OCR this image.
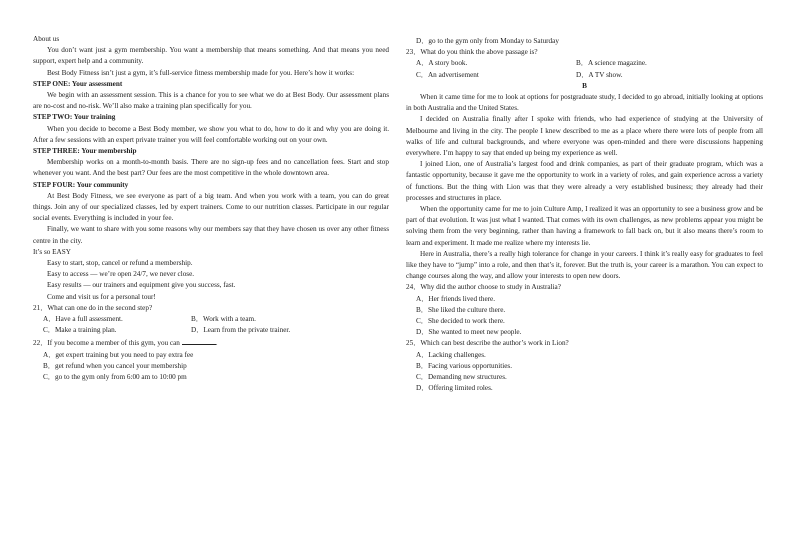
About us

You don’t want just a gym membership. You want a membership that means something. And that means you need support, expert help and a community.

Best Body Fitness isn’t just a gym, it’s full-service fitness membership made for you. Here’s how it works:

STEP ONE: Your assessment

We begin with an assessment session. This is a chance for you to see what we do at Best Body. Our assessment plans are no-cost and no-risk. We’ll also make a training plan specifically for you.

STEP TWO: Your training

When you decide to become a Best Body member, we show you what to do, how to do it and why you are doing it. After a few sessions with an expert private trainer you will feel comfortable working out on your own.

STEP THREE: Your membership

Membership works on a month-to-month basis. There are no sign-up fees and no cancellation fees. Start and stop whenever you want. And the best part? Our fees are the most competitive in the whole downtown area.

STEP FOUR: Your community

At Best Body Fitness, we see everyone as part of a big team. And when you work with a team, you can do great things. Join any of our specialized classes, led by expert trainers. Come to our nutrition classes. Participate in our regular social events. Everything is included in your fee.

Finally, we want to share with you some reasons why our members say that they have chosen us over any other fitness centre in the city.

It’s so EASY

Easy to start, stop, cancel or refund a membership.

Easy to access — we’re open 24/7, we never close.

Easy results — our trainers and equipment give you success, fast.

Come and visit us for a personal tour!

21．What can one do in the second step?

A．Have a full assessment.	B．Work with a team.
C．Make a training plan.	D．Learn from the private trainer.

22．If you become a member of this gym, you can	.

A．get expert training but you need to pay extra fee

B．get refund when you cancel your membership

C．go to the gym only from 6:00 am to 10:00 pm

D．go to the gym only from Monday to Saturday

23．What do you think the above passage is?

A．A story book.	B．A science magazine.
C．An advertisement	D．A TV show.

B

When it came time for me to look at options for postgraduate study, I decided to go abroad, initially looking at options in both Australia and the United States.

I decided on Australia finally after I spoke with friends, who had experience of studying at the University of Melbourne and living in the city. The people I knew described to me as a place where there were lots of people from all walks of life and cultural backgrounds, and where everyone was open-minded and there were discussions happening everywhere. I’m happy to say that ended up being my experience as well.

I joined Lion, one of Australia’s largest food and drink companies, as part of their graduate program, which was a fantastic opportunity, because it gave me the opportunity to work in a variety of roles, and gain experience across a variety of functions. But the thing with Lion was that they were already a very established business; they already had their processes and structures in place.

When the opportunity came for me to join Culture Amp, I realized it was an opportunity to see a business grow and be part of that evolution. It was just what I wanted. That comes with its own challenges, as new problems appear you might be solving them from the very beginning, rather than having a framework to fall back on, but it also means there’s room to learn and experiment. It made me realize where my interests lie.

Here in Australia, there’s a really high tolerance for change in your careers. I think it’s really easy for graduates to feel like they have to “jump” into a role, and then that’s it, forever. But the truth is, your career is a marathon. You can expect to change courses along the way, and allow your interests to open new doors.

24．Why did the author choose to study in Australia?

A．Her friends lived there.

B．She liked the culture there.

C．She decided to work there.

D．She wanted to meet new people.

25．Which can best describe the author’s work in Lion?

A．Lacking challenges.

B．Facing various opportunities.

C．Demanding new structures.

D．Offering limited roles.
